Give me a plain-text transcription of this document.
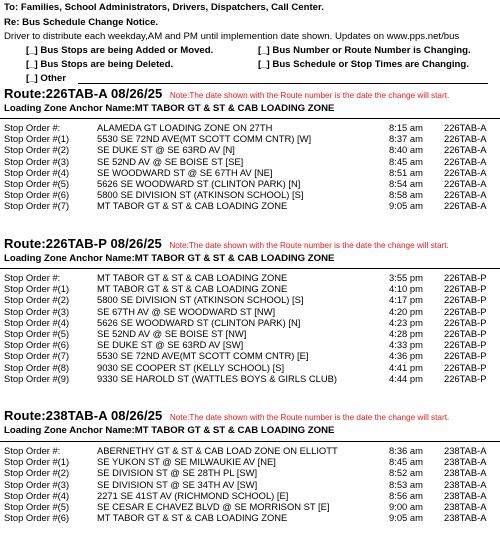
To: Families, School Administrators, Drivers, Dispatchers, Call Center.
Re: Bus Schedule Change Notice.
Driver to distribute each weekday,AM and PM until implemention date shown. Updates on www.pps.net/bus
[_] Bus Stops are being Added or Moved.	[_] Bus Number or Route Number is Changing.
[_] Bus Stops are being Deleted.	[_] Bus Schedule or Stop Times are Changing.
[_] Other
Route:226TAB-A 08/26/25 Note:The date shown with the Route number is the date the change will start.
Loading Zone Anchor Name:MT TABOR GT & ST & CAB LOADING ZONE
Stop Order #:	ALAMEDA GT LOADING ZONE ON 27TH	8:15 am 226TAB-A
Stop Order #(1)	5530 SE 72ND AVE(MT SCOTT COMM CNTR) [W]	8:37 am 226TAB-A
Stop Order #(2)	SE DUKE ST @ SE 63RD AV [N]	8:40 am 226TAB-A
Stop Order #(3)	SE 52ND AV @ SE BOISE ST [SE]	8:45 am 226TAB-A
Stop Order #(4)	SE WOODWARD ST @ SE 67TH AV [NE]	8:51 am 226TAB-A
Stop Order #(5)	5626 SE WOODWARD ST (CLINTON PARK) [N]	8:54 am 226TAB-A
Stop Order #(6)	5800 SE DIVISION ST (ATKINSON SCHOOL) [S]	8:58 am 226TAB-A
Stop Order #(7)	MT TABOR GT & ST & CAB LOADING ZONE	9:05 am 226TAB-A
Route:226TAB-P 08/26/25 Note:The date shown with the Route number is the date the change will start.
Loading Zone Anchor Name:MT TABOR GT & ST & CAB LOADING ZONE
Stop Order #:	MT TABOR GT & ST & CAB LOADING ZONE	3:55 pm 226TAB-P
Stop Order #(1)	MT TABOR GT & ST & CAB LOADING ZONE	4:10 pm 226TAB-P
Stop Order #(2)	5800 SE DIVISION ST (ATKINSON SCHOOL) [S]	4:17 pm 226TAB-P
Stop Order #(3)	SE 67TH AV @ SE WOODWARD ST [NW]	4:20 pm 226TAB-P
Stop Order #(4)	5626 SE WOODWARD ST (CLINTON PARK) [N]	4:23 pm 226TAB-P
Stop Order #(5)	SE 52ND AV @ SE BOISE ST [NW]	4:28 pm 226TAB-P
Stop Order #(6)	SE DUKE ST @ SE 63RD AV [SW]	4:33 pm 226TAB-P
Stop Order #(7)	5530 SE 72ND AVE(MT SCOTT COMM CNTR) [E]	4:36 pm 226TAB-P
Stop Order #(8)	9030 SE COOPER ST (KELLY SCHOOL) [S]	4:41 pm 226TAB-P
Stop Order #(9)	9330 SE HAROLD ST (WATTLES BOYS & GIRLS CLUB)	4:44 pm 226TAB-P
Route:238TAB-A 08/26/25 Note:The date shown with the Route number is the date the change will start.
Loading Zone Anchor Name:MT TABOR GT & ST & CAB LOADING ZONE
Stop Order #:	ABERNETHY GT & ST & CAB LOAD ZONE ON ELLIOTT	8:36 am 238TAB-A
Stop Order #(1)	SE YUKON ST @ SE MILWAUKIE AV [NE]	8:45 am 238TAB-A
Stop Order #(2)	SE DIVISION ST @ SE 28TH PL [SW]	8:52 am 238TAB-A
Stop Order #(3)	SE DIVISION ST @ SE 34TH AV [SW]	8:53 am 238TAB-A
Stop Order #(4)	2271 SE 41ST AV (RICHMOND SCHOOL) [E]	8:56 am 238TAB-A
Stop Order #(5)	SE CESAR E CHAVEZ BLVD @ SE MORRISON ST [E]	9:00 am 238TAB-A
Stop Order #(6)	MT TABOR GT & ST & CAB LOADING ZONE	9:05 am 238TAB-A
